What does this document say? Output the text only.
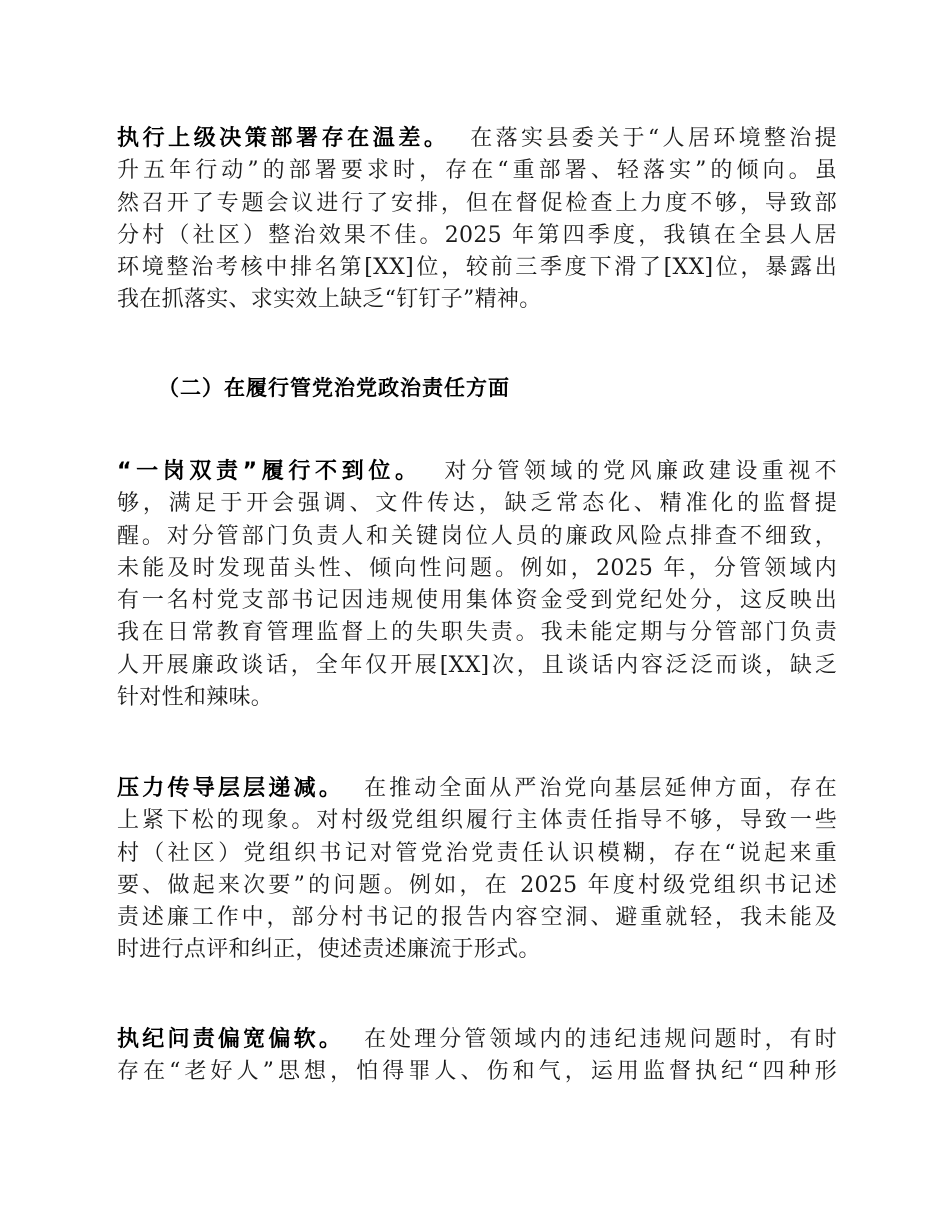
执行上级决策部署存在温差。 在落实县委关于“人居环境整治提
升五年行动”的部署要求时，存在“重部署、轻落实”的倾向。虽
然召开了专题会议进行了安排，但在督促检查上力度不够，导致部
分村（社区）整治效果不佳。2025 年第四季度，我镇在全县人居
环境整治考核中排名第[XX]位，较前三季度下滑了[XX]位，暴露出
我在抓落实、求实效上缺乏“钉钉子”精神。
（二）在履行管党治党政治责任方面
“一岗双责”履行不到位。 对分管领域的党风廉政建设重视不
够，满足于开会强调、文件传达，缺乏常态化、精准化的监督提
醒。对分管部门负责人和关键岗位人员的廉政风险点排查不细致，
未能及时发现苗头性、倾向性问题。例如，2025 年，分管领域内
有一名村党支部书记因违规使用集体资金受到党纪处分，这反映出
我在日常教育管理监督上的失职失责。我未能定期与分管部门负责
人开展廉政谈话，全年仅开展[XX]次，且谈话内容泛泛而谈，缺乏
针对性和辣味。
压力传导层层递减。 在推动全面从严治党向基层延伸方面，存在
上紧下松的现象。对村级党组织履行主体责任指导不够，导致一些
村（社区）党组织书记对管党治党责任认识模糊，存在“说起来重
要、做起来次要”的问题。例如，在 2025 年度村级党组织书记述
责述廉工作中，部分村书记的报告内容空洞、避重就轻，我未能及
时进行点评和纠正，使述责述廉流于形式。
执纪问责偏宽偏软。 在处理分管领域内的违纪违规问题时，有时
存在“老好人”思想，怕得罪人、伤和气，运用监督执纪“四种形
